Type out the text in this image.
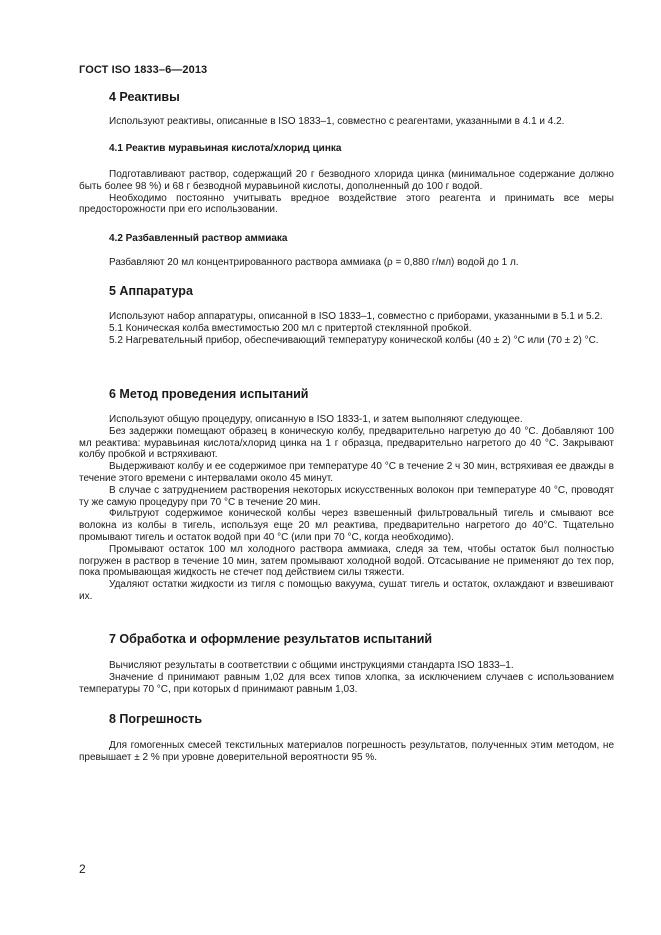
ГОСТ ISO 1833–6—2013
4 Реактивы

Используют реактивы, описанные в ISO 1833–1, совместно с реагентами, указанными в 4.1 и 4.2.

4.1 Реактив муравьиная кислота/хлорид цинка

Подготавливают раствор, содержащий 20 г безводного хлорида цинка (минимальное содержание должно быть более 98 %) и 68 г безводной муравьиной кислоты, дополненный до 100 г водой.

Необходимо постоянно учитывать вредное воздействие этого реагента и принимать все меры предосторожности при его использовании.

4.2 Разбавленный раствор аммиака

Разбавляют 20 мл концентрированного раствора аммиака (ρ = 0,880 г/мл) водой до 1 л.

5 Аппаратура

Используют набор аппаратуры, описанной в ISO 1833–1, совместно с приборами, указанными в 5.1 и 5.2.

5.1 Коническая колба вместимостью 200 мл с притертой стеклянной пробкой.

5.2 Нагревательный прибор, обеспечивающий температуру конической колбы (40 ± 2) °С или (70 ± 2) °С.

6 Метод проведения испытаний

Используют общую процедуру, описанную в ISO 1833-1, и затем выполняют следующее.

Без задержки помещают образец в коническую колбу, предварительно нагретую до 40 °С. Добавляют 100 мл реактива: муравьиная кислота/хлорид цинка на 1 г образца, предварительно нагретого до 40 °С. Закрывают колбу пробкой и встряхивают.

Выдерживают колбу и ее содержимое при температуре 40 °С в течение 2 ч 30 мин, встряхивая ее дважды в течение этого времени с интервалами около 45 минут.

В случае с затруднением растворения некоторых искусственных волокон при температуре 40 °С, проводят ту же самую процедуру при 70 °С в течение 20 мин.

Фильтруют содержимое конической колбы через взвешенный фильтровальный тигель и смывают все волокна из колбы в тигель, используя еще 20 мл реактива, предварительно нагретого до 40°С. Тщательно промывают тигель и остаток водой при 40 °С (или при 70 °С, когда необходимо).

Промывают остаток 100 мл холодного раствора аммиака, следя за тем, чтобы остаток был полностью погружен в раствор в течение 10 мин, затем промывают холодной водой. Отсасывание не применяют до тех пор, пока промывающая жидкость не стечет под действием силы тяжести.

Удаляют остатки жидкости из тигля с помощью вакуума, сушат тигель и остаток, охлаждают и взвешивают их.

7 Обработка и оформление результатов испытаний

Вычисляют результаты в соответствии с общими инструкциями стандарта ISO 1833–1.

Значение d принимают равным 1,02 для всех типов хлопка, за исключением случаев с использованием температуры 70 °С, при которых d принимают равным 1,03.

8 Погрешность

Для гомогенных смесей текстильных материалов погрешность результатов, полученных этим методом, не превышает ± 2 % при уровне доверительной вероятности 95 %.

2
